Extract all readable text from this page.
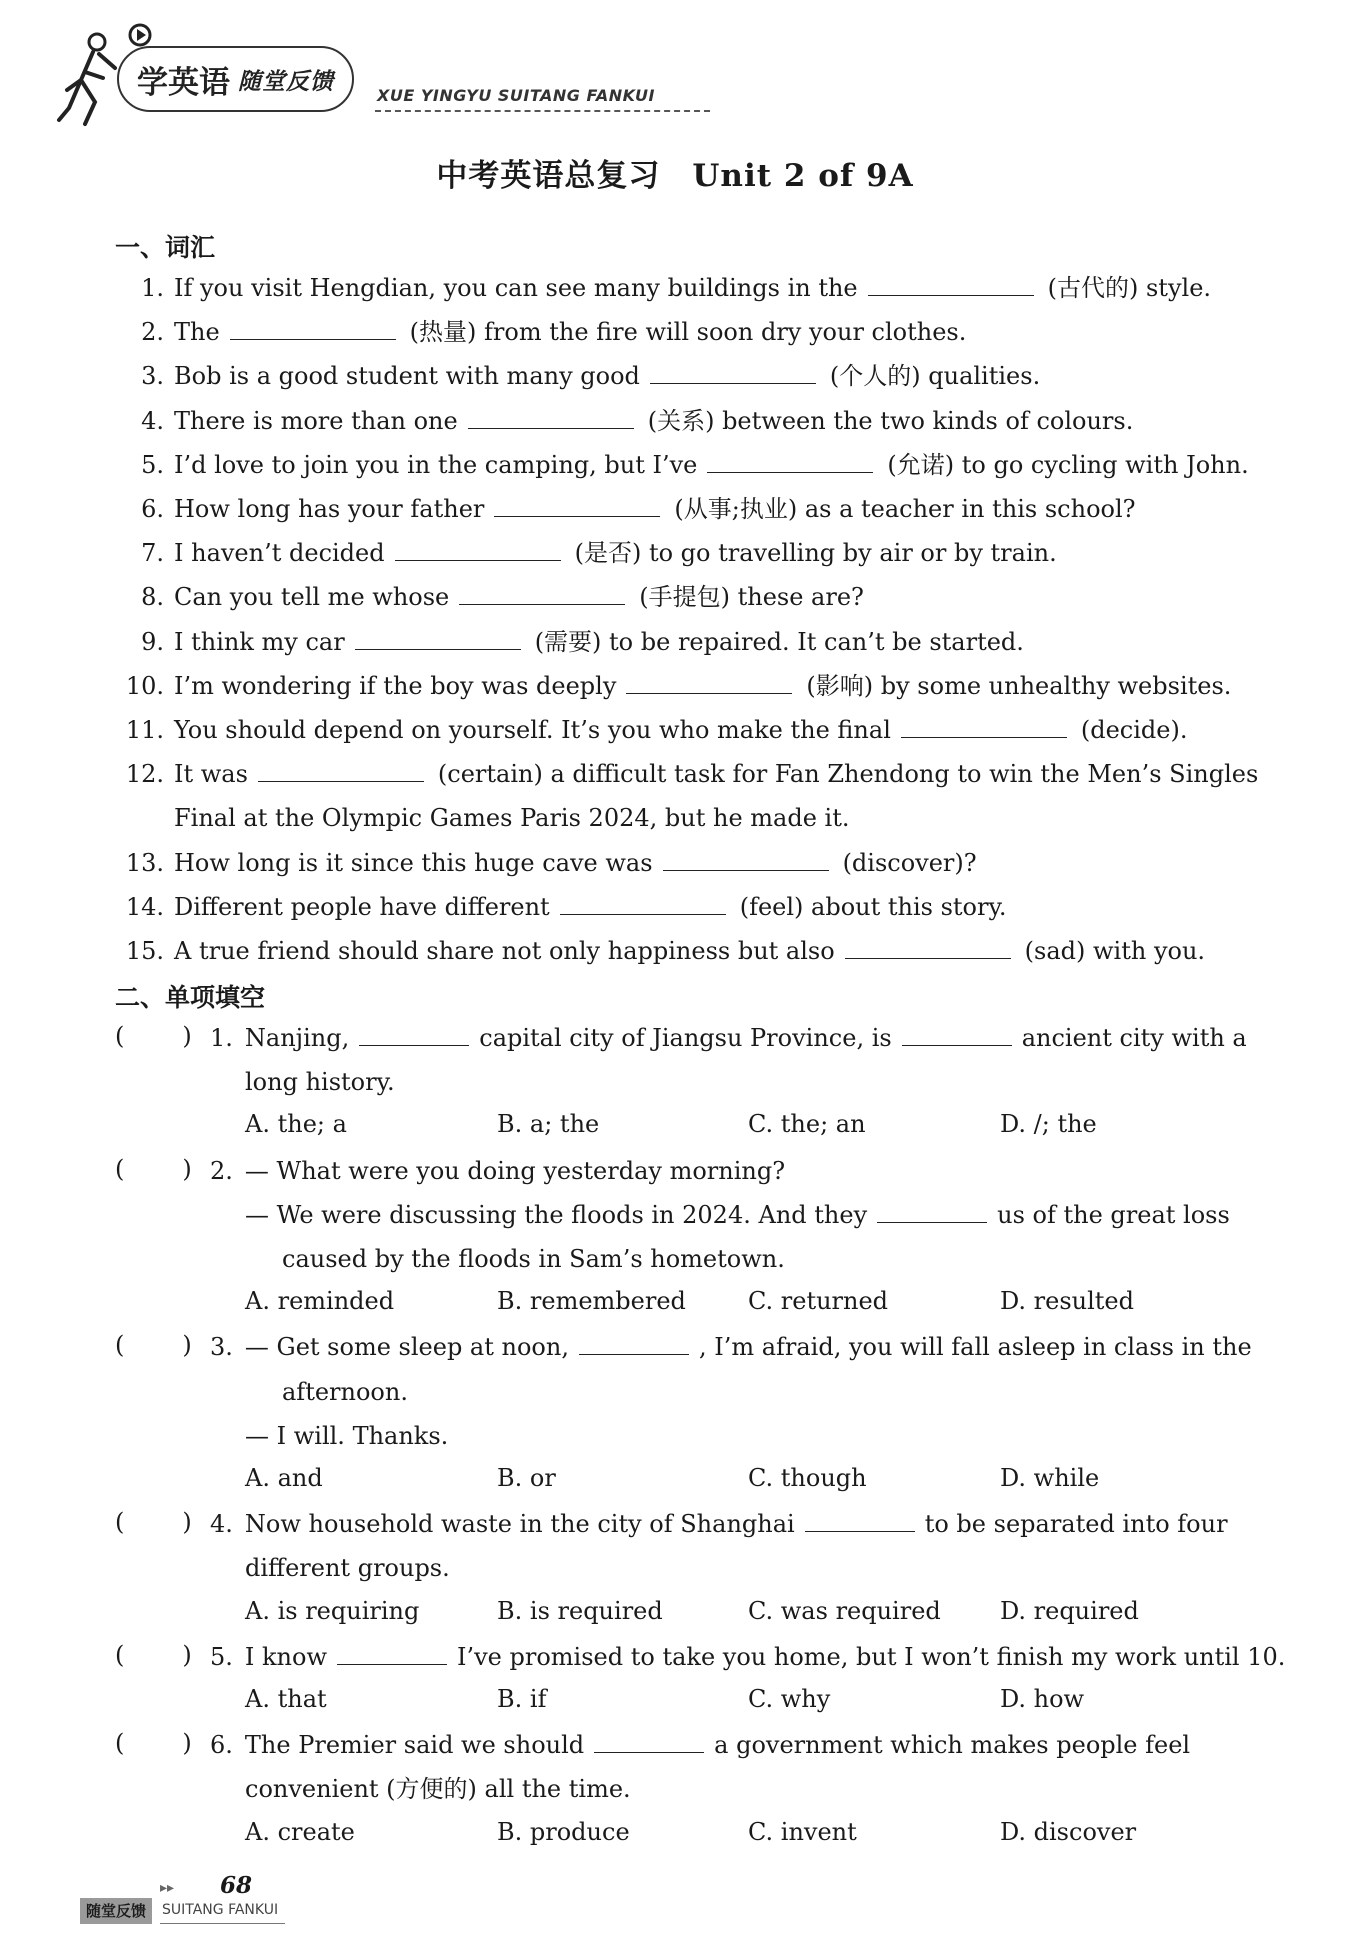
学英语 随堂反馈
XUE YINGYU SUITANG FANKUI
中考英语总复习　Unit 2 of 9A
一、词汇
1. If you visit Hengdian, you can see many buildings in the	(古代的) style.
2. The	(热量) from the fire will soon dry your clothes.
3. Bob is a good student with many good	(个人的) qualities.
4. There is more than one	(关系) between the two kinds of colours.
5. I’d love to join you in the camping, but I’ve	(允诺) to go cycling with John.
6. How long has your father	(从事;执业) as a teacher in this school?
7. I haven’t decided	(是否) to go travelling by air or by train.
8. Can you tell me whose	(手提包) these are?
9. I think my car	(需要) to be repaired. It can’t be started.
10. I’m wondering if the boy was deeply	(影响) by some unhealthy websites.
11. You should depend on yourself. It’s you who make the final	(decide).
12. It was	(certain) a difficult task for Fan Zhendong to win the Men’s Singles
Final at the Olympic Games Paris 2024, but he made it.
13. How long is it since this huge cave was	(discover)?
14. Different people have different	(feel) about this story.
15. A true friend should share not only happiness but also	(sad) with you.
二、单项填空
( ) 1. Nanjing,	capital city of Jiangsu Province, is	ancient city with a
long history.
A. the; a	B. a; the	C. the; an	D. /; the
( ) 2. — What were you doing yesterday morning?
— We were discussing the floods in 2024. And they	us of the great loss
caused by the floods in Sam’s hometown.
A. reminded	B. remembered	C. returned	D. resulted
( ) 3. — Get some sleep at noon,	, I’m afraid, you will fall asleep in class in the
afternoon.
— I will. Thanks.
A. and	B. or	C. though	D. while
( ) 4. Now household waste in the city of Shanghai	to be separated into four
different groups.
A. is requiring	B. is required	C. was required D. required
( ) 5. I know	I’ve promised to take you home, but I won’t finish my work until 10.
A. that	B. if	C. why	D. how
( ) 6. The Premier said we should	a government which makes people feel
convenient (方便的) all the time.
A. create	B. produce	C. invent	D. discover
▸▸ 68
随堂反馈	SUITANG FANKUI
